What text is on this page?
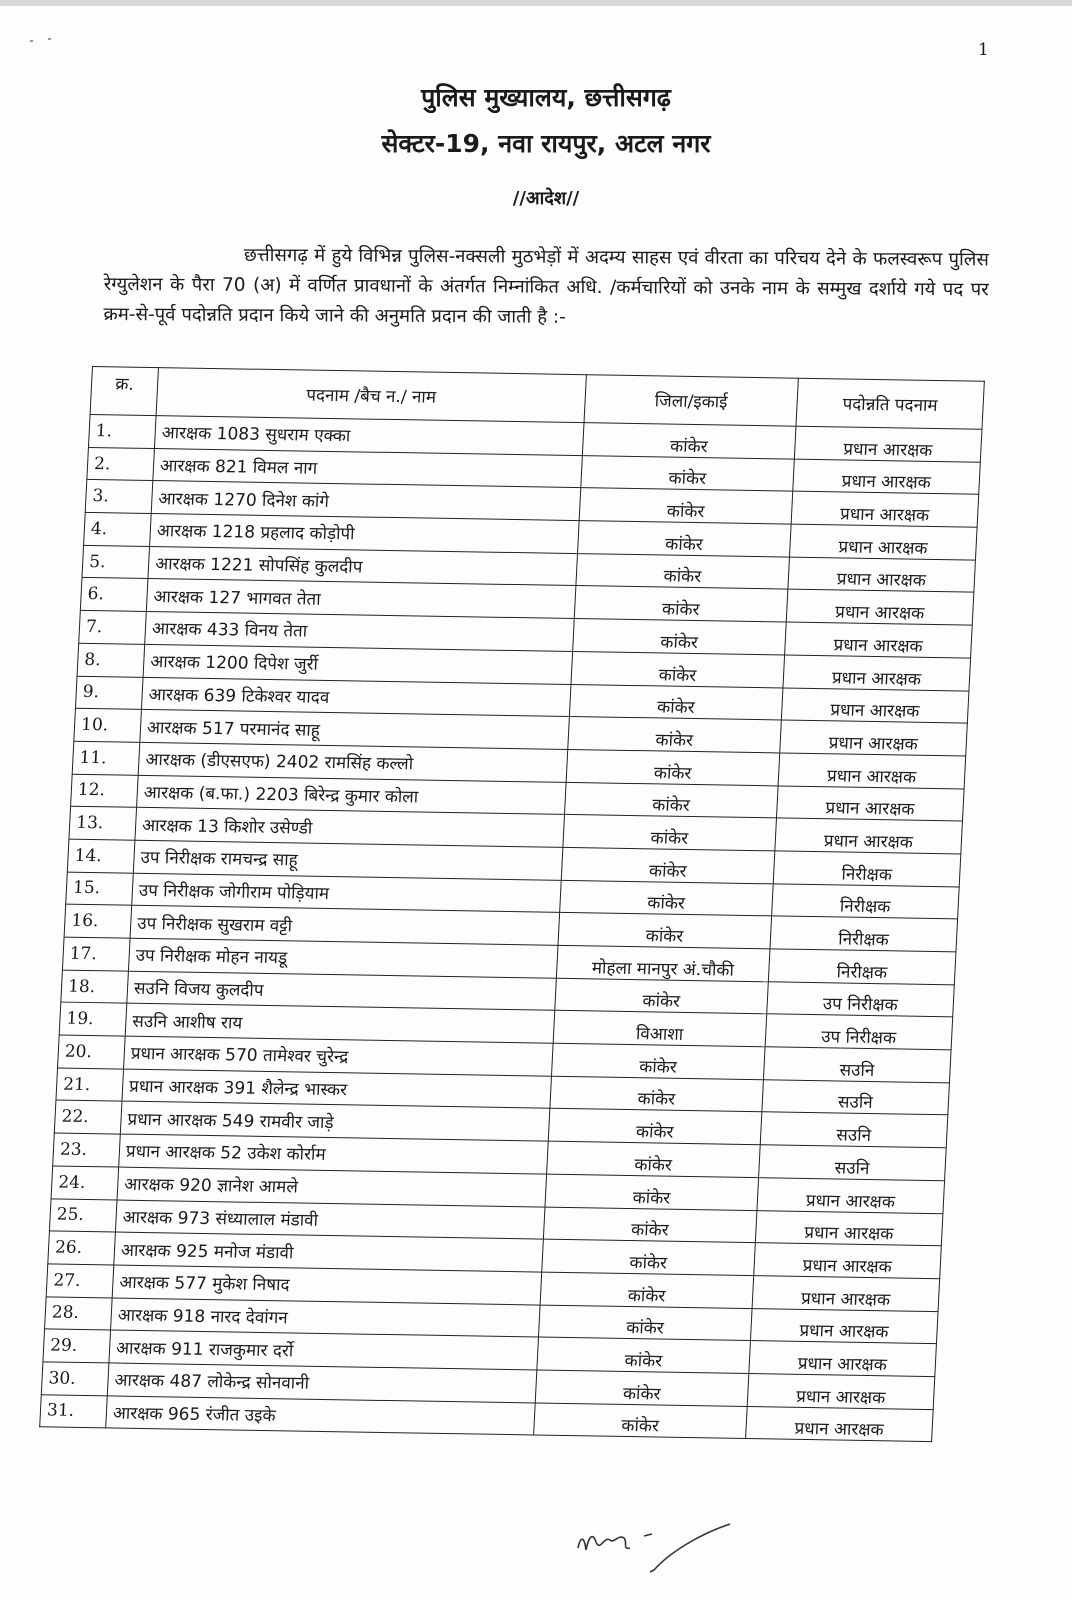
1
पुलिस मुख्यालय, छत्तीसगढ़
सेक्टर-19, नवा रायपुर, अटल नगर
//आदेश//
छत्तीसगढ़ में हुये विभिन्न पुलिस-नक्सली मुठभेड़ों में अदम्य साहस एवं वीरता का परिचय देने के फलस्वरूप पुलिस रेग्युलेशन के पैरा 70 (अ) में वर्णित प्रावधानों के अंतर्गत निम्नांकित अधि. /कर्मचारियों को उनके नाम के सम्मुख दर्शाये गये पद पर क्रम-से-पूर्व पदोन्नति प्रदान किये जाने की अनुमति प्रदान की जाती है :-
क्र.	पदनाम /बैच न./ नाम	जिला/इकाई	पदोन्नति पदनाम
1.	आरक्षक 1083 सुधराम एक्का	कांकेर	प्रधान आरक्षक
2.	आरक्षक 821 विमल नाग	कांकेर	प्रधान आरक्षक
3.	आरक्षक 1270 दिनेश कांगे	कांकेर	प्रधान आरक्षक
4.	आरक्षक 1218 प्रहलाद कोड़ोपी	कांकेर	प्रधान आरक्षक
5.	आरक्षक 1221 सोपसिंह कुलदीप	कांकेर	प्रधान आरक्षक
6.	आरक्षक 127 भागवत तेता	कांकेर	प्रधान आरक्षक
7.	आरक्षक 433 विनय तेता	कांकेर	प्रधान आरक्षक
8.	आरक्षक 1200 दिपेश जुर्री	कांकेर	प्रधान आरक्षक
9.	आरक्षक 639 टिकेश्वर यादव	कांकेर	प्रधान आरक्षक
10.	आरक्षक 517 परमानंद साहू	कांकेर	प्रधान आरक्षक
11.	आरक्षक (डीएसएफ) 2402 रामसिंह कल्लो	कांकेर	प्रधान आरक्षक
12.	आरक्षक (ब.फा.) 2203 बिरेन्द्र कुमार कोला	कांकेर	प्रधान आरक्षक
13.	आरक्षक 13 किशोर उसेण्डी	कांकेर	प्रधान आरक्षक
14.	उप निरीक्षक रामचन्द्र साहू	कांकेर	निरीक्षक
15.	उप निरीक्षक जोगीराम पोड़ियाम	कांकेर	निरीक्षक
16.	उप निरीक्षक सुखराम वट्टी	कांकेर	निरीक्षक
17.	उप निरीक्षक मोहन नायडू	मोहला मानपुर अं.चौकी	निरीक्षक
18.	सउनि विजय कुलदीप	कांकेर	उप निरीक्षक
19.	सउनि आशीष राय	विआशा	उप निरीक्षक
20.	प्रधान आरक्षक 570 तामेश्वर चुरेन्द्र	कांकेर	सउनि
21.	प्रधान आरक्षक 391 शैलेन्द्र भास्कर	कांकेर	सउनि
22.	प्रधान आरक्षक 549 रामवीर जाड़े	कांकेर	सउनि
23.	प्रधान आरक्षक 52 उकेश कोर्राम	कांकेर	सउनि
24.	आरक्षक 920 ज्ञानेश आमले	कांकेर	प्रधान आरक्षक
25.	आरक्षक 973 संध्यालाल मंडावी	कांकेर	प्रधान आरक्षक
26.	आरक्षक 925 मनोज मंडावी	कांकेर	प्रधान आरक्षक
27.	आरक्षक 577 मुकेश निषाद	कांकेर	प्रधान आरक्षक
28.	आरक्षक 918 नारद देवांगन	कांकेर	प्रधान आरक्षक
29.	आरक्षक 911 राजकुमार दर्रो	कांकेर	प्रधान आरक्षक
30.	आरक्षक 487 लोकेन्द्र सोनवानी	कांकेर	प्रधान आरक्षक
31.	आरक्षक 965 रंजीत उइके	कांकेर	प्रधान आरक्षक
